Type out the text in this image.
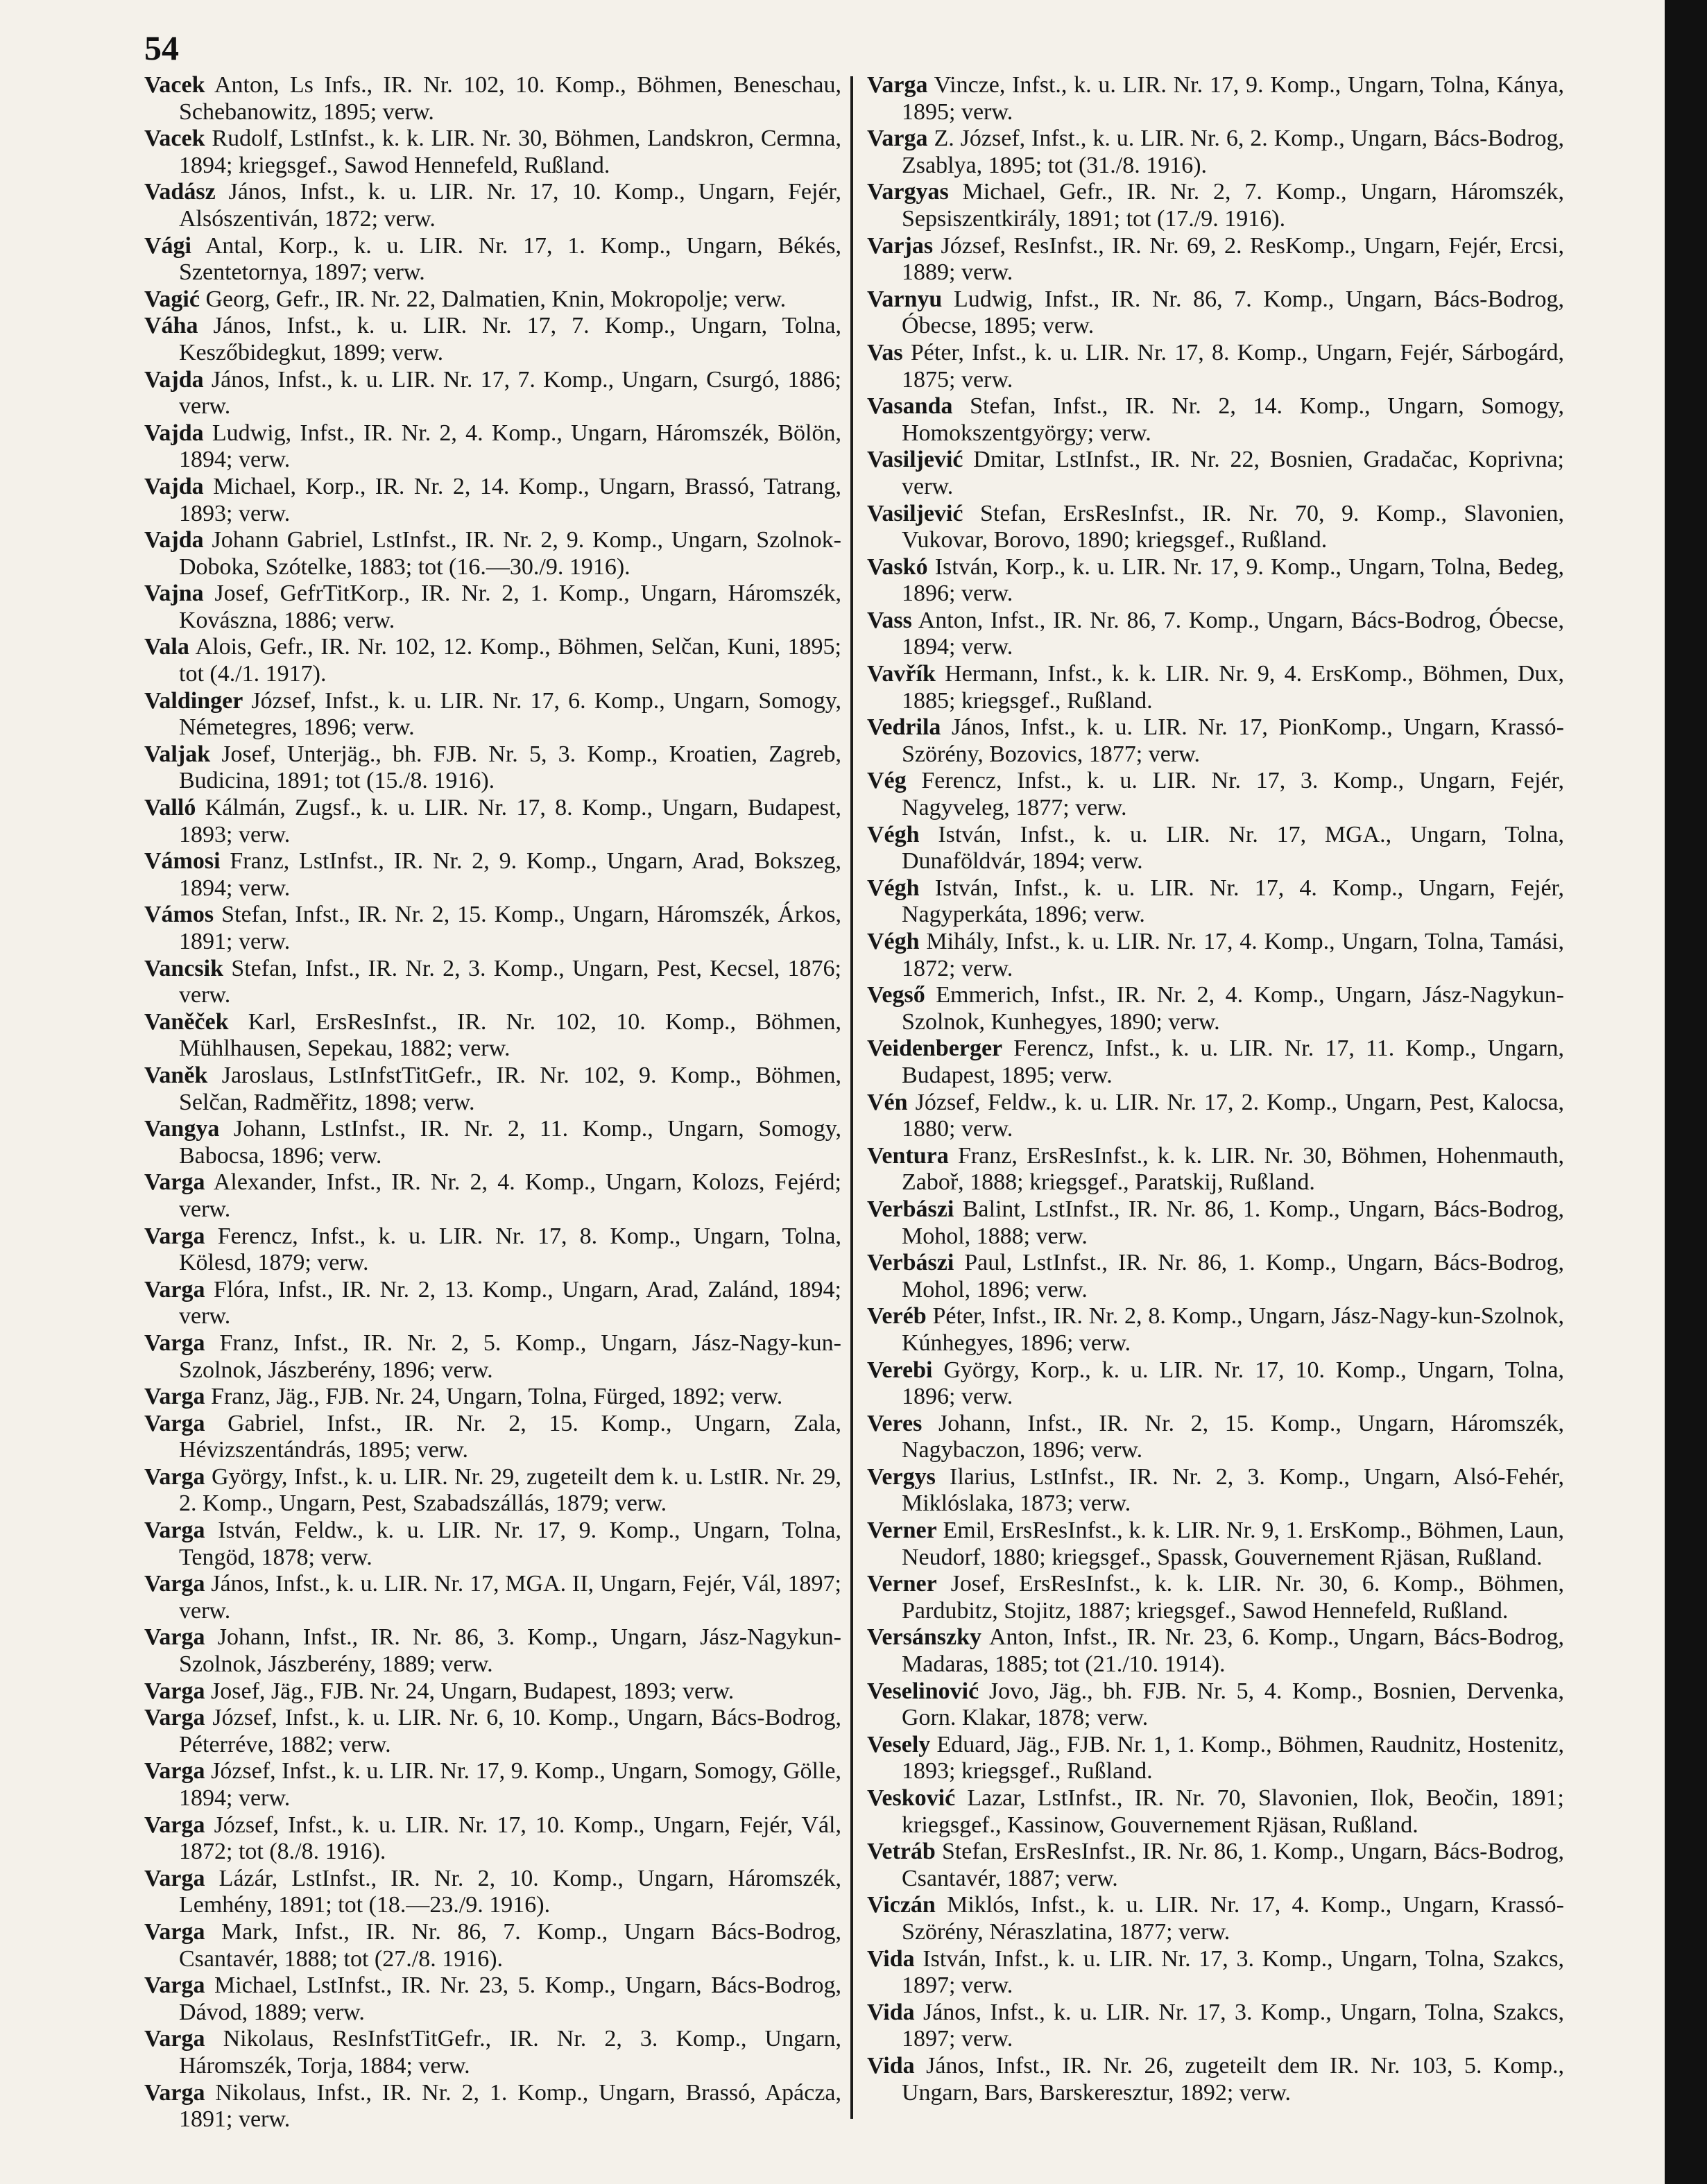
54

Vacek Anton, Ls Infs., IR. Nr. 102, 10. Komp., Böhmen, Beneschau, Schebanowitz, 1895; verw.

Vacek Rudolf, LstInfst., k. k. LIR. Nr. 30, Böhmen, Landskron, Cermna, 1894; kriegsgef., Sawod Hennefeld, Rußland.

Vadász János, Infst., k. u. LIR. Nr. 17, 10. Komp., Ungarn, Fejér, Alsószentiván, 1872; verw.

Vági Antal, Korp., k. u. LIR. Nr. 17, 1. Komp., Ungarn, Békés, Szentetornya, 1897; verw.

Vagić Georg, Gefr., IR. Nr. 22, Dalmatien, Knin, Mokropolje; verw.

Váha János, Infst., k. u. LIR. Nr. 17, 7. Komp., Ungarn, Tolna, Keszőbidegkut, 1899; verw.

Vajda János, Infst., k. u. LIR. Nr. 17, 7. Komp., Ungarn, Csurgó, 1886; verw.

Vajda Ludwig, Infst., IR. Nr. 2, 4. Komp., Ungarn, Háromszék, Bölön, 1894; verw.

Vajda Michael, Korp., IR. Nr. 2, 14. Komp., Ungarn, Brassó, Tatrang, 1893; verw.

Vajda Johann Gabriel, LstInfst., IR. Nr. 2, 9. Komp., Ungarn, Szolnok-Doboka, Szótelke, 1883; tot (16.—30./9. 1916).

Vajna Josef, GefrTitKorp., IR. Nr. 2, 1. Komp., Ungarn, Háromszék, Kovászna, 1886; verw.

Vala Alois, Gefr., IR. Nr. 102, 12. Komp., Böhmen, Selčan, Kuni, 1895; tot (4./1. 1917).

Valdinger József, Infst., k. u. LIR. Nr. 17, 6. Komp., Ungarn, Somogy, Németegres, 1896; verw.

Valjak Josef, Unterjäg., bh. FJB. Nr. 5, 3. Komp., Kroatien, Zagreb, Budicina, 1891; tot (15./8. 1916).

Valló Kálmán, Zugsf., k. u. LIR. Nr. 17, 8. Komp., Ungarn, Budapest, 1893; verw.

Vámosi Franz, LstInfst., IR. Nr. 2, 9. Komp., Ungarn, Arad, Bokszeg, 1894; verw.

Vámos Stefan, Infst., IR. Nr. 2, 15. Komp., Ungarn, Háromszék, Árkos, 1891; verw.

Vancsik Stefan, Infst., IR. Nr. 2, 3. Komp., Ungarn, Pest, Kecsel, 1876; verw.

Vaněček Karl, ErsResInfst., IR. Nr. 102, 10. Komp., Böhmen, Mühlhausen, Sepekau, 1882; verw.

Vaněk Jaroslaus, LstInfstTitGefr., IR. Nr. 102, 9. Komp., Böhmen, Selčan, Radměřitz, 1898; verw.

Vangya Johann, LstInfst., IR. Nr. 2, 11. Komp., Ungarn, Somogy, Babocsa, 1896; verw.

Varga Alexander, Infst., IR. Nr. 2, 4. Komp., Ungarn, Kolozs, Fejérd; verw.

Varga Ferencz, Infst., k. u. LIR. Nr. 17, 8. Komp., Ungarn, Tolna, Kölesd, 1879; verw.

Varga Flóra, Infst., IR. Nr. 2, 13. Komp., Ungarn, Arad, Zalánd, 1894; verw.

Varga Franz, Infst., IR. Nr. 2, 5. Komp., Ungarn, Jász-Nagy-kun-Szolnok, Jászberény, 1896; verw.

Varga Franz, Jäg., FJB. Nr. 24, Ungarn, Tolna, Fürged, 1892; verw.

Varga Gabriel, Infst., IR. Nr. 2, 15. Komp., Ungarn, Zala, Hévizszentándrás, 1895; verw.

Varga György, Infst., k. u. LIR. Nr. 29, zugeteilt dem k. u. LstIR. Nr. 29, 2. Komp., Ungarn, Pest, Szabadszállás, 1879; verw.

Varga István, Feldw., k. u. LIR. Nr. 17, 9. Komp., Ungarn, Tolna, Tengöd, 1878; verw.

Varga János, Infst., k. u. LIR. Nr. 17, MGA. II, Ungarn, Fejér, Vál, 1897; verw.

Varga Johann, Infst., IR. Nr. 86, 3. Komp., Ungarn, Jász-Nagykun-Szolnok, Jászberény, 1889; verw.

Varga Josef, Jäg., FJB. Nr. 24, Ungarn, Budapest, 1893; verw.

Varga József, Infst., k. u. LIR. Nr. 6, 10. Komp., Ungarn, Bács-Bodrog, Péterréve, 1882; verw.

Varga József, Infst., k. u. LIR. Nr. 17, 9. Komp., Ungarn, Somogy, Gölle, 1894; verw.

Varga József, Infst., k. u. LIR. Nr. 17, 10. Komp., Ungarn, Fejér, Vál, 1872; tot (8./8. 1916).

Varga Lázár, LstInfst., IR. Nr. 2, 10. Komp., Ungarn, Háromszék, Lemhény, 1891; tot (18.—23./9. 1916).

Varga Mark, Infst., IR. Nr. 86, 7. Komp., Ungarn Bács-Bodrog, Csantavér, 1888; tot (27./8. 1916).

Varga Michael, LstInfst., IR. Nr. 23, 5. Komp., Ungarn, Bács-Bodrog, Dávod, 1889; verw.

Varga Nikolaus, ResInfstTitGefr., IR. Nr. 2, 3. Komp., Ungarn, Háromszék, Torja, 1884; verw.

Varga Nikolaus, Infst., IR. Nr. 2, 1. Komp., Ungarn, Brassó, Apácza, 1891; verw.

Varga Vincze, Infst., k. u. LIR. Nr. 17, 9. Komp., Ungarn, Tolna, Kánya, 1895; verw.

Varga Z. József, Infst., k. u. LIR. Nr. 6, 2. Komp., Ungarn, Bács-Bodrog, Zsablya, 1895; tot (31./8. 1916).

Vargyas Michael, Gefr., IR. Nr. 2, 7. Komp., Ungarn, Háromszék, Sepsiszentkirály, 1891; tot (17./9. 1916).

Varjas József, ResInfst., IR. Nr. 69, 2. ResKomp., Ungarn, Fejér, Ercsi, 1889; verw.

Varnyu Ludwig, Infst., IR. Nr. 86, 7. Komp., Ungarn, Bács-Bodrog, Óbecse, 1895; verw.

Vas Péter, Infst., k. u. LIR. Nr. 17, 8. Komp., Ungarn, Fejér, Sárbogárd, 1875; verw.

Vasanda Stefan, Infst., IR. Nr. 2, 14. Komp., Ungarn, Somogy, Homokszentgyörgy; verw.

Vasiljević Dmitar, LstInfst., IR. Nr. 22, Bosnien, Gradačac, Koprivna; verw.

Vasiljević Stefan, ErsResInfst., IR. Nr. 70, 9. Komp., Slavonien, Vukovar, Borovo, 1890; kriegsgef., Rußland.

Vaskó István, Korp., k. u. LIR. Nr. 17, 9. Komp., Ungarn, Tolna, Bedeg, 1896; verw.

Vass Anton, Infst., IR. Nr. 86, 7. Komp., Ungarn, Bács-Bodrog, Óbecse, 1894; verw.

Vavřík Hermann, Infst., k. k. LIR. Nr. 9, 4. ErsKomp., Böhmen, Dux, 1885; kriegsgef., Rußland.

Vedrila János, Infst., k. u. LIR. Nr. 17, PionKomp., Ungarn, Krassó-Szörény, Bozovics, 1877; verw.

Vég Ferencz, Infst., k. u. LIR. Nr. 17, 3. Komp., Ungarn, Fejér, Nagyveleg, 1877; verw.

Végh István, Infst., k. u. LIR. Nr. 17, MGA., Ungarn, Tolna, Dunaföldvár, 1894; verw.

Végh István, Infst., k. u. LIR. Nr. 17, 4. Komp., Ungarn, Fejér, Nagyperkáta, 1896; verw.

Végh Mihály, Infst., k. u. LIR. Nr. 17, 4. Komp., Ungarn, Tolna, Tamási, 1872; verw.

Vegső Emmerich, Infst., IR. Nr. 2, 4. Komp., Ungarn, Jász-Nagykun-Szolnok, Kunhegyes, 1890; verw.

Veidenberger Ferencz, Infst., k. u. LIR. Nr. 17, 11. Komp., Ungarn, Budapest, 1895; verw.

Vén József, Feldw., k. u. LIR. Nr. 17, 2. Komp., Ungarn, Pest, Kalocsa, 1880; verw.

Ventura Franz, ErsResInfst., k. k. LIR. Nr. 30, Böhmen, Hohenmauth, Zaboř, 1888; kriegsgef., Paratskij, Rußland.

Verbászi Balint, LstInfst., IR. Nr. 86, 1. Komp., Ungarn, Bács-Bodrog, Mohol, 1888; verw.

Verbászi Paul, LstInfst., IR. Nr. 86, 1. Komp., Ungarn, Bács-Bodrog, Mohol, 1896; verw.

Veréb Péter, Infst., IR. Nr. 2, 8. Komp., Ungarn, Jász-Nagy-kun-Szolnok, Kúnhegyes, 1896; verw.

Verebi György, Korp., k. u. LIR. Nr. 17, 10. Komp., Ungarn, Tolna, 1896; verw.

Veres Johann, Infst., IR. Nr. 2, 15. Komp., Ungarn, Háromszék, Nagybaczon, 1896; verw.

Vergys Ilarius, LstInfst., IR. Nr. 2, 3. Komp., Ungarn, Alsó-Fehér, Miklóslaka, 1873; verw.

Verner Emil, ErsResInfst., k. k. LIR. Nr. 9, 1. ErsKomp., Böhmen, Laun, Neudorf, 1880; kriegsgef., Spassk, Gouvernement Rjäsan, Rußland.

Verner Josef, ErsResInfst., k. k. LIR. Nr. 30, 6. Komp., Böhmen, Pardubitz, Stojitz, 1887; kriegsgef., Sawod Hennefeld, Rußland.

Versánszky Anton, Infst., IR. Nr. 23, 6. Komp., Ungarn, Bács-Bodrog, Madaras, 1885; tot (21./10. 1914).

Veselinović Jovo, Jäg., bh. FJB. Nr. 5, 4. Komp., Bosnien, Dervenka, Gorn. Klakar, 1878; verw.

Vesely Eduard, Jäg., FJB. Nr. 1, 1. Komp., Böhmen, Raudnitz, Hostenitz, 1893; kriegsgef., Rußland.

Vesković Lazar, LstInfst., IR. Nr. 70, Slavonien, Ilok, Beočin, 1891; kriegsgef., Kassinow, Gouvernement Rjäsan, Rußland.

Vetráb Stefan, ErsResInfst., IR. Nr. 86, 1. Komp., Ungarn, Bács-Bodrog, Csantavér, 1887; verw.

Viczán Miklós, Infst., k. u. LIR. Nr. 17, 4. Komp., Ungarn, Krassó-Szörény, Néraszlatina, 1877; verw.

Vida István, Infst., k. u. LIR. Nr. 17, 3. Komp., Ungarn, Tolna, Szakcs, 1897; verw.

Vida János, Infst., k. u. LIR. Nr. 17, 3. Komp., Ungarn, Tolna, Szakcs, 1897; verw.

Vida János, Infst., IR. Nr. 26, zugeteilt dem IR. Nr. 103, 5. Komp., Ungarn, Bars, Barskeresztur, 1892; verw.
